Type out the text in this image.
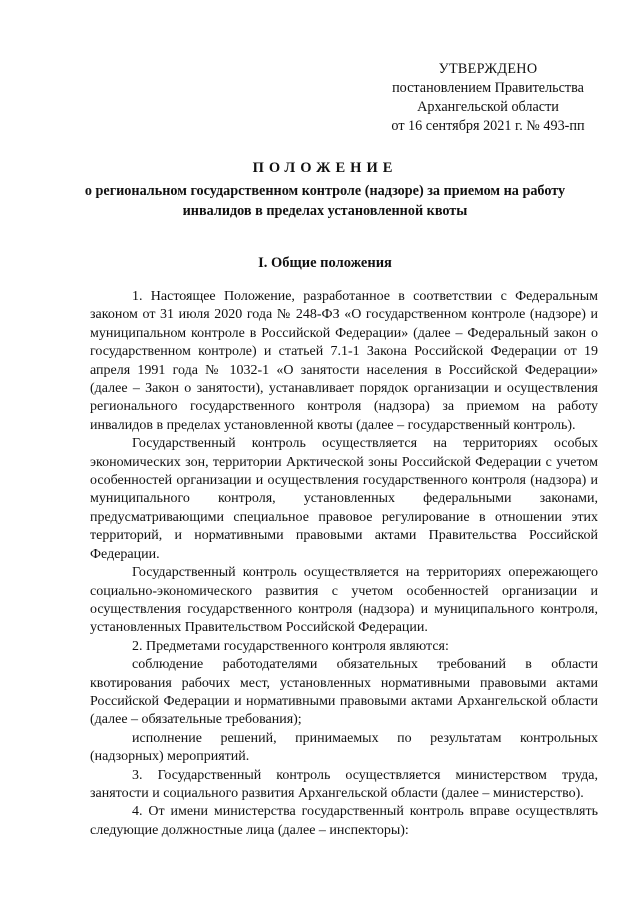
УТВЕРЖДЕНО
постановлением Правительства
Архангельской области
от 16 сентября 2021 г. № 493-пп
ПОЛОЖЕНИЕ
о региональном государственном контроле (надзоре) за приемом на работу инвалидов в пределах установленной квоты
I. Общие положения

1. Настоящее Положение, разработанное в соответствии с Федеральным законом от 31 июля 2020 года № 248-ФЗ «О государственном контроле (надзоре) и муниципальном контроле в Российской Федерации» (далее – Федеральный закон о государственном контроле) и статьей 7.1-1 Закона Российской Федерации от 19 апреля 1991 года № 1032-1 «О занятости населения в Российской Федерации» (далее – Закон о занятости), устанавливает порядок организации и осуществления регионального государственного контроля (надзора) за приемом на работу инвалидов в пределах установленной квоты (далее – государственный контроль).

Государственный контроль осуществляется на территориях особых экономических зон, территории Арктической зоны Российской Федерации с учетом особенностей организации и осуществления государственного контроля (надзора) и муниципального контроля, установленных федеральными законами, предусматривающими специальное правовое регулирование в отношении этих территорий, и нормативными правовыми актами Правительства Российской Федерации.

Государственный контроль осуществляется на территориях опережающего социально-экономического развития с учетом особенностей организации и осуществления государственного контроля (надзора) и муниципального контроля, установленных Правительством Российской Федерации.

2. Предметами государственного контроля являются:

соблюдение работодателями обязательных требований в области квотирования рабочих мест, установленных нормативными правовыми актами Российской Федерации и нормативными правовыми актами Архангельской области (далее – обязательные требования);

исполнение решений, принимаемых по результатам контрольных (надзорных) мероприятий.

3. Государственный контроль осуществляется министерством труда, занятости и социального развития Архангельской области (далее – министерство).

4. От имени министерства государственный контроль вправе осуществлять следующие должностные лица (далее – инспекторы):
